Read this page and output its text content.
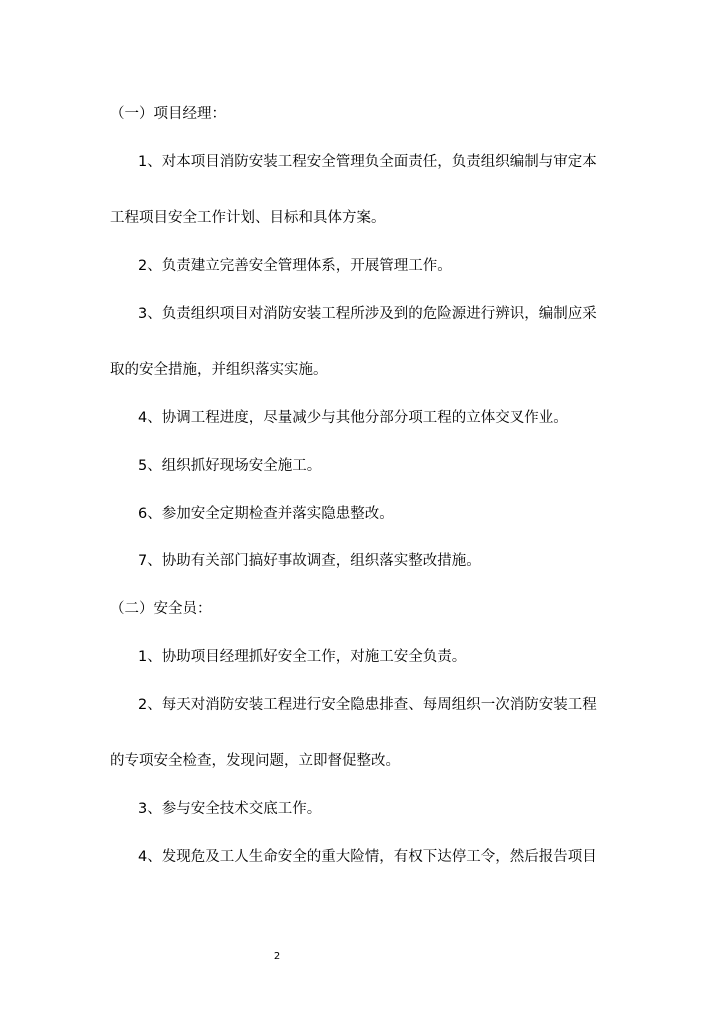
（一）项目经理：
1、对本项目消防安装工程安全管理负全面责任，负责组织编制与审定本
工程项目安全工作计划、目标和具体方案。
2、负责建立完善安全管理体系，开展管理工作。
3、负责组织项目对消防安装工程所涉及到的危险源进行辨识，编制应采
取的安全措施，并组织落实实施。
4、协调工程进度，尽量减少与其他分部分项工程的立体交叉作业。
5、组织抓好现场安全施工。
6、参加安全定期检查并落实隐患整改。
7、协助有关部门搞好事故调查，组织落实整改措施。
（二）安全员：
1、协助项目经理抓好安全工作，对施工安全负责。
2、每天对消防安装工程进行安全隐患排查、每周组织一次消防安装工程
的专项安全检查，发现问题，立即督促整改。
3、参与安全技术交底工作。
4、发现危及工人生命安全的重大险情，有权下达停工令，然后报告项目
2
